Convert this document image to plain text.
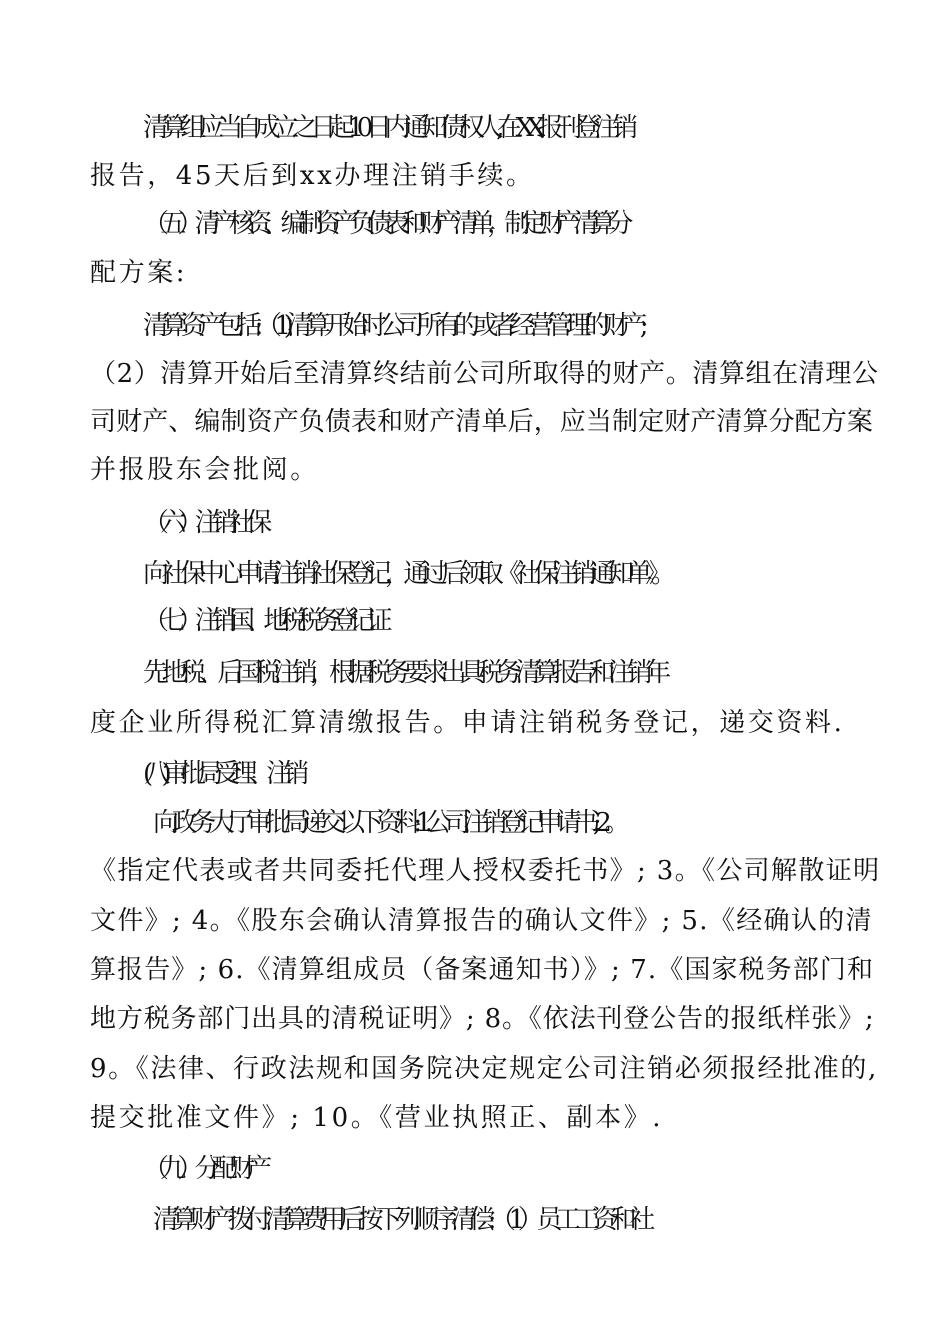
清算组应当自成立之日起10日内通知债权人,在XX报刊登注销
报告，45天后到xx办理注销手续。
（五）清产核资、编制资产负债表和财产清单，制定财产清算分
配方案:
清算资产包括:（1)清算开始时公司所有的或者经营管理的财产;
（2）清算开始后至清算终结前公司所取得的财产。清算组在清理公
司财产、编制资产负债表和财产清单后，应当制定财产清算分配方案
并报股东会批阅。
（六）注销社保
向社保中心申请注销社保登记，通过后领取《社保注销通知单》。
（七）注销国、地税税务登记证
先地税、后国税注销，根据税务要求出具税务清算报告和注销年
度企业所得税汇算清缴报告。申请注销税务登记，递交资料.
(八)审批局受理、注销
向政务大厅审批局递交以下资料: 1.公司注销登记申请书; 2。
《指定代表或者共同委托代理人授权委托书》; 3。《公司解散证明
文件》; 4。《股东会确认清算报告的确认文件》; 5.《经确认的清
算报告》; 6.《清算组成员（备案通知书）》; 7.《国家税务部门和
地方税务部门出具的清税证明》; 8。《依法刊登公告的报纸样张》;
9。《法律、行政法规和国务院决定规定公司注销必须报经批准的,
提交批准文件》; 10。《营业执照正、副本》.
（九）分配财产
清算财产拨付清算费用后按下列顺序清偿: （1）员工工资和社
